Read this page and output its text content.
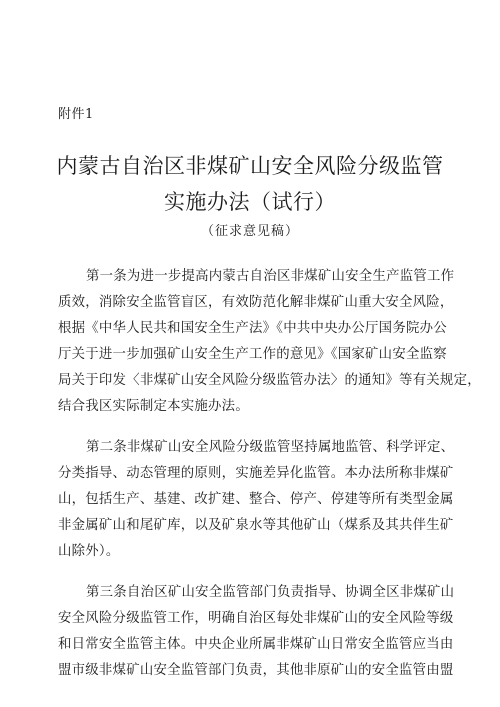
附件1
内蒙古自治区非煤矿山安全风险分级监管
实施办法（试行）
（征求意见稿）
第一条为进一步提高内蒙古自治区非煤矿山安全生产监管工作
质效，消除安全监管盲区，有效防范化解非煤矿山重大安全风险，
根据《中华人民共和国安全生产法》《中共中央办公厅国务院办公
厅关于进一步加强矿山安全生产工作的意见》《国家矿山安全监察
局关于印发〈非煤矿山安全风险分级监管办法〉的通知》等有关规定，
结合我区实际制定本实施办法。
第二条非煤矿山安全风险分级监管坚持属地监管、科学评定、
分类指导、动态管理的原则，实施差异化监管。本办法所称非煤矿
山，包括生产、基建、改扩建、整合、停产、停建等所有类型金属
非金属矿山和尾矿库，以及矿泉水等其他矿山（煤系及其共伴生矿
山除外）。
第三条自治区矿山安全监管部门负责指导、协调全区非煤矿山
安全风险分级监管工作，明确自治区每处非煤矿山的安全风险等级
和日常安全监管主体。中央企业所属非煤矿山日常安全监管应当由
盟市级非煤矿山安全监管部门负责，其他非原矿山的安全监管由盟
